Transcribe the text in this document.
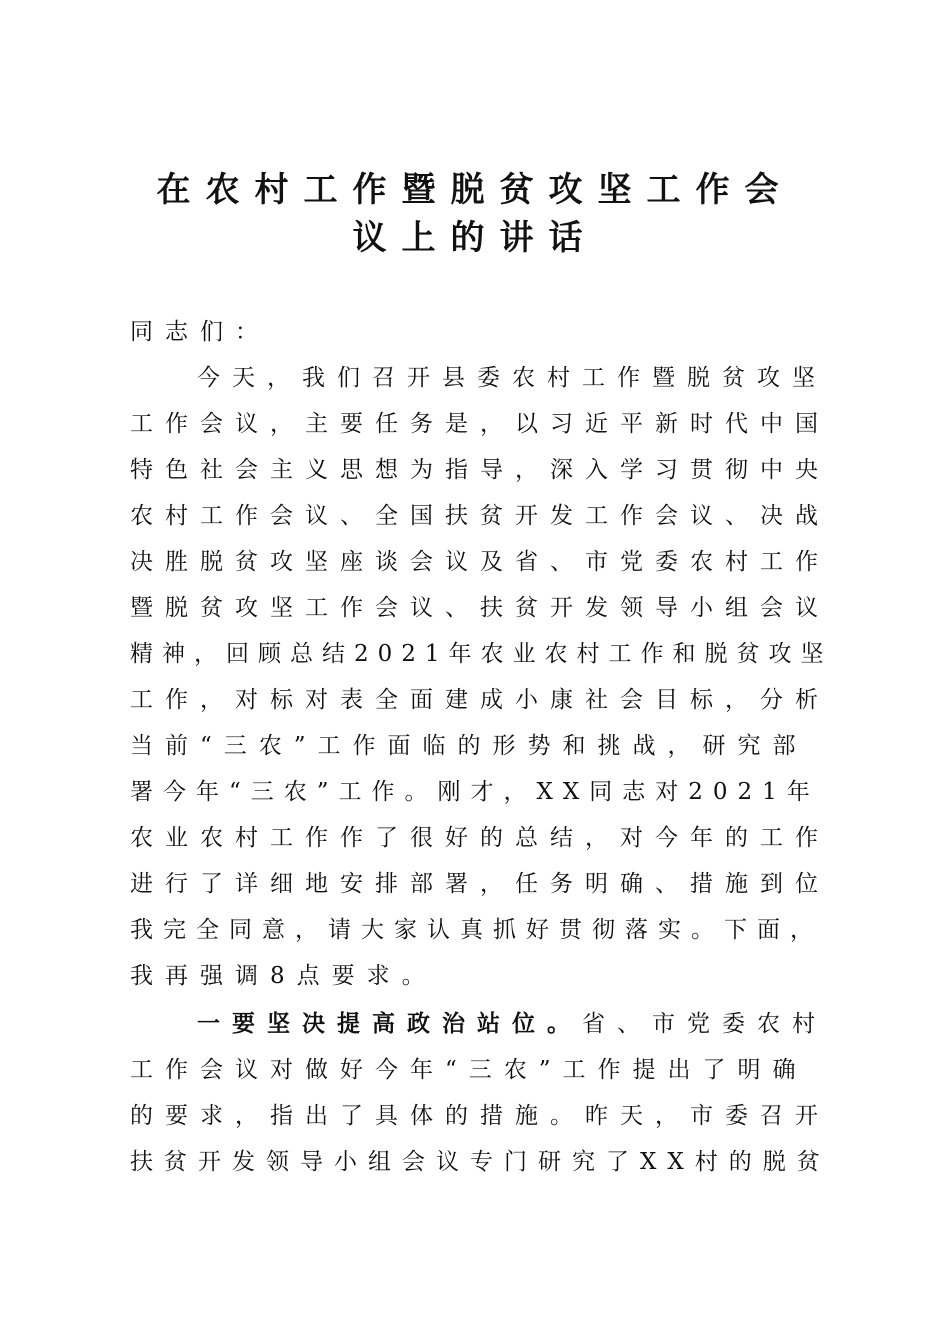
在农村工作暨脱贫攻坚工作会
议上的讲话
同志们：
今天，我们召开县委农村工作暨脱贫攻坚
工作会议，主要任务是，以习近平新时代中国
特色社会主义思想为指导，深入学习贯彻中央
农村工作会议、全国扶贫开发工作会议、决战
决胜脱贫攻坚座谈会议及省、市党委农村工作
暨脱贫攻坚工作会议、扶贫开发领导小组会议
精神，回顾总结2021年农业农村工作和脱贫攻坚
工作，对标对表全面建成小康社会目标，分析
当前“三农”工作面临的形势和挑战，研究部
署今年“三农”工作。刚才，XX同志对2021年
农业农村工作作了很好的总结，对今年的工作
进行了详细地安排部署，任务明确、措施到位
我完全同意，请大家认真抓好贯彻落实。下面，
我再强调8点要求。
一要坚决提高政治站位。省、市党委农村
工作会议对做好今年“三农”工作提出了明确
的要求，指出了具体的措施。昨天，市委召开
扶贫开发领导小组会议专门研究了XX村的脱贫
